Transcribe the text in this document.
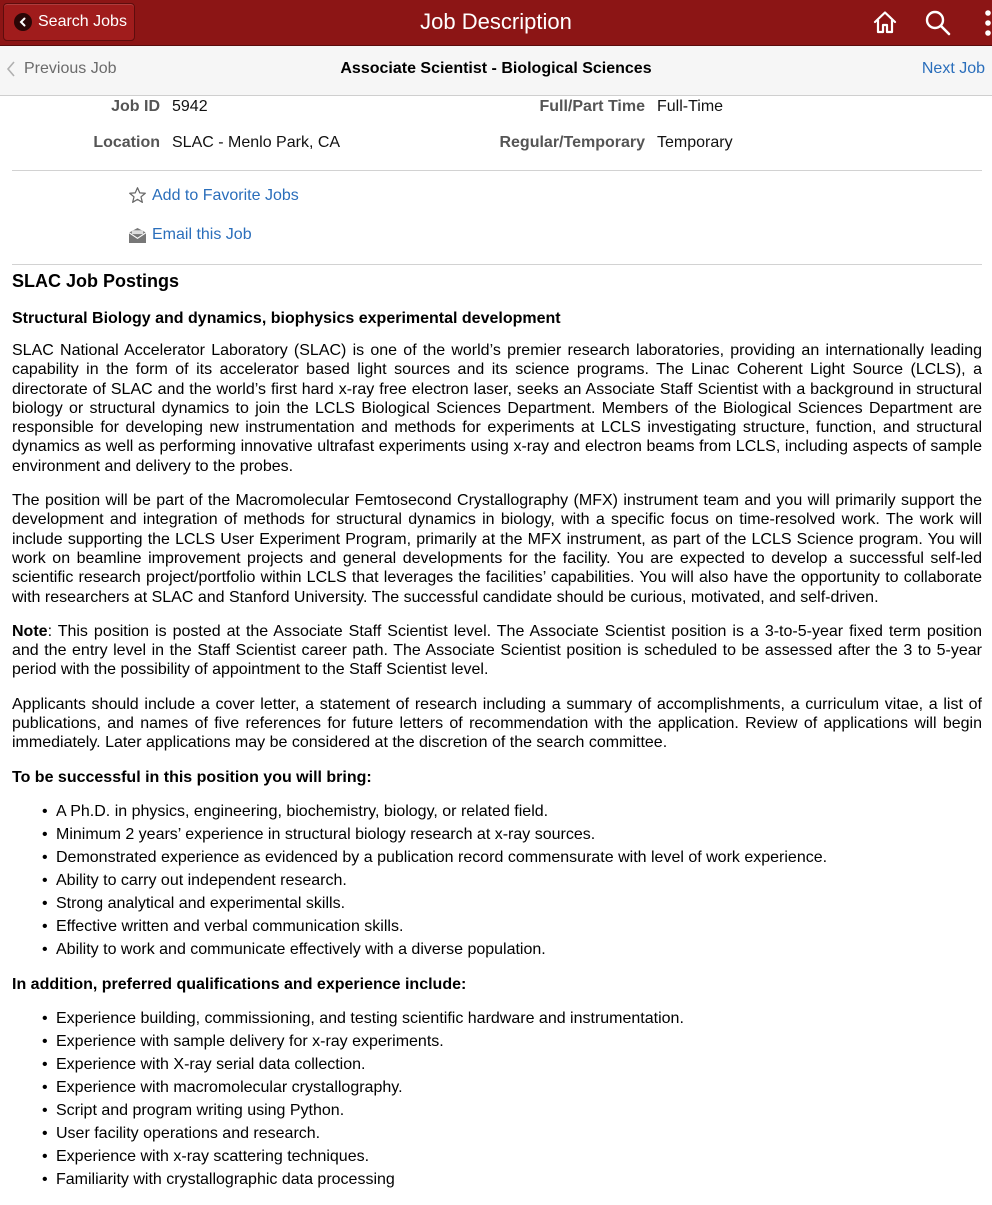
Search Jobs	Job Description
Previous Job	Associate Scientist - Biological Sciences	Next Job
Job ID 5942
Location SLAC - Menlo Park, CA
Full/Part Time Full-Time
Regular/Temporary Temporary
Add to Favorite Jobs
Email this Job
SLAC Job Postings
Structural Biology and dynamics, biophysics experimental development

SLAC National Accelerator Laboratory (SLAC) is one of the world’s premier research laboratories, providing an internationally leading capability in the form of its accelerator based light sources and its science programs. The Linac Coherent Light Source (LCLS), a directorate of SLAC and the world’s first hard x-ray free electron laser, seeks an Associate Staff Scientist with a background in structural biology or structural dynamics to join the LCLS Biological Sciences Department. Members of the Biological Sciences Department are responsible for developing new instrumentation and methods for experiments at LCLS investigating structure, function, and structural dynamics as well as performing innovative ultrafast experiments using x-ray and electron beams from LCLS, including aspects of sample environment and delivery to the probes.

The position will be part of the Macromolecular Femtosecond Crystallography (MFX) instrument team and you will primarily support the development and integration of methods for structural dynamics in biology, with a specific focus on time-resolved work. The work will include supporting the LCLS User Experiment Program, primarily at the MFX instrument, as part of the LCLS Science program. You will work on beamline improvement projects and general developments for the facility. You are expected to develop a successful self-led scientific research project/portfolio within LCLS that leverages the facilities’ capabilities. You will also have the opportunity to collaborate with researchers at SLAC and Stanford University. The successful candidate should be curious, motivated, and self-driven.

Note: This position is posted at the Associate Staff Scientist level. The Associate Scientist position is a 3-to-5-year fixed term position and the entry level in the Staff Scientist career path. The Associate Scientist position is scheduled to be assessed after the 3 to 5-year period with the possibility of appointment to the Staff Scientist level.

Applicants should include a cover letter, a statement of research including a summary of accomplishments, a curriculum vitae, a list of publications, and names of five references for future letters of recommendation with the application. Review of applications will begin immediately. Later applications may be considered at the discretion of the search committee.

To be successful in this position you will bring:
• A Ph.D. in physics, engineering, biochemistry, biology, or related field.
• Minimum 2 years’ experience in structural biology research at x-ray sources.
• Demonstrated experience as evidenced by a publication record commensurate with level of work experience.
• Ability to carry out independent research.
• Strong analytical and experimental skills.
• Effective written and verbal communication skills.
• Ability to work and communicate effectively with a diverse population.
In addition, preferred qualifications and experience include:
• Experience building, commissioning, and testing scientific hardware and instrumentation.
• Experience with sample delivery for x-ray experiments.
• Experience with X-ray serial data collection.
• Experience with macromolecular crystallography.
• Script and program writing using Python.
• User facility operations and research.
• Experience with x-ray scattering techniques.
• Familiarity with crystallographic data processing
